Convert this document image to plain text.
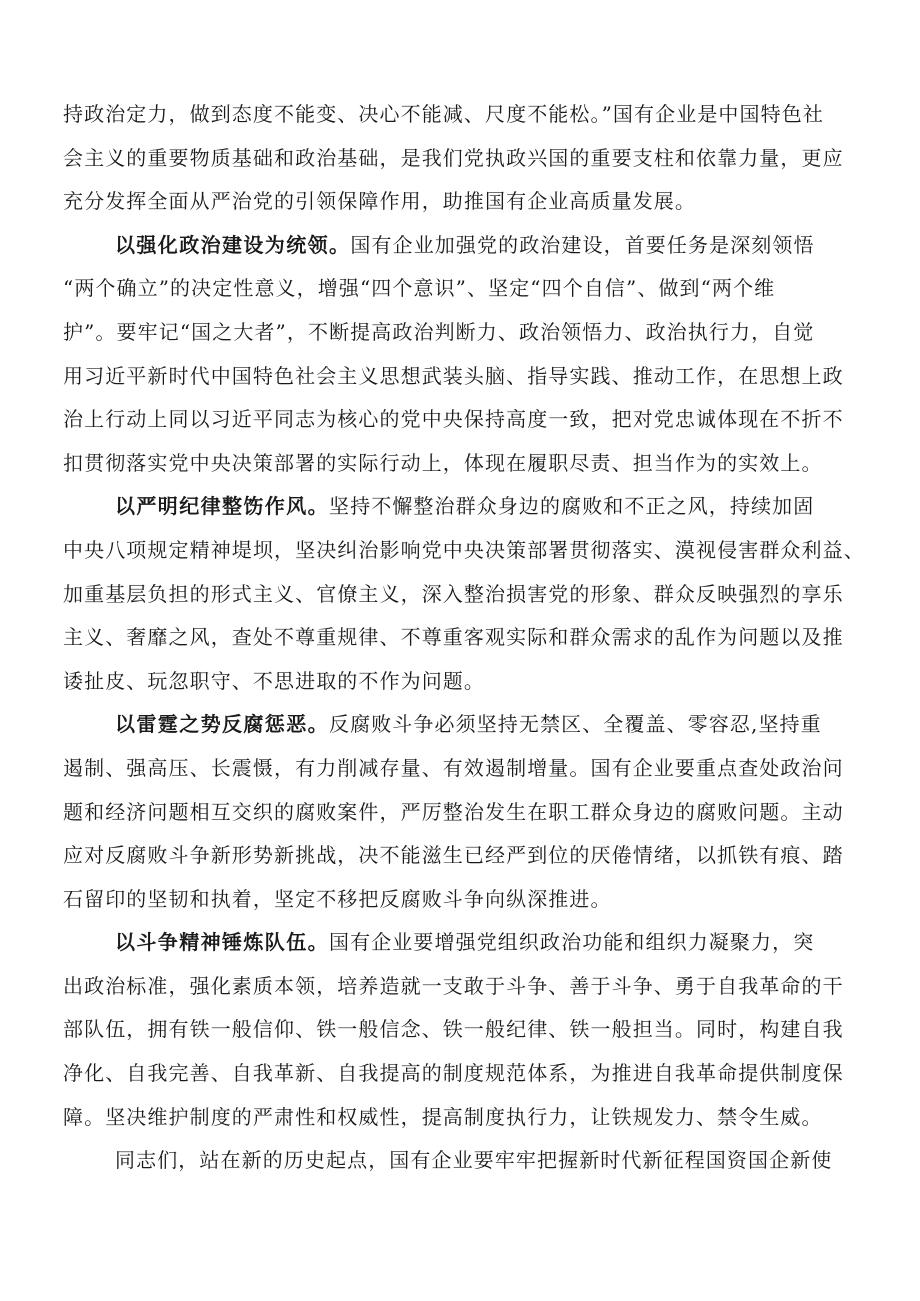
持政治定力，做到态度不能变、决心不能减、尺度不能松。”国有企业是中国特色社
会主义的重要物质基础和政治基础，是我们党执政兴国的重要支柱和依靠力量，更应
充分发挥全面从严治党的引领保障作用，助推国有企业高质量发展。
以强化政治建设为统领。国有企业加强党的政治建设，首要任务是深刻领悟
“两个确立”的决定性意义，增强“四个意识”、坚定“四个自信”、做到“两个维
护”。要牢记“国之大者”，不断提高政治判断力、政治领悟力、政治执行力，自觉
用习近平新时代中国特色社会主义思想武装头脑、指导实践、推动工作，在思想上政
治上行动上同以习近平同志为核心的党中央保持高度一致，把对党忠诚体现在不折不
扣贯彻落实党中央决策部署的实际行动上，体现在履职尽责、担当作为的实效上。
以严明纪律整饬作风。坚持不懈整治群众身边的腐败和不正之风，持续加固
中央八项规定精神堤坝，坚决纠治影响党中央决策部署贯彻落实、漠视侵害群众利益、
加重基层负担的形式主义、官僚主义，深入整治损害党的形象、群众反映强烈的享乐
主义、奢靡之风，查处不尊重规律、不尊重客观实际和群众需求的乱作为问题以及推
诿扯皮、玩忽职守、不思进取的不作为问题。
以雷霆之势反腐惩恶。反腐败斗争必须坚持无禁区、全覆盖、零容忍,坚持重
遏制、强高压、长震慑，有力削减存量、有效遏制增量。国有企业要重点查处政治问
题和经济问题相互交织的腐败案件，严厉整治发生在职工群众身边的腐败问题。主动
应对反腐败斗争新形势新挑战，决不能滋生已经严到位的厌倦情绪，以抓铁有痕、踏
石留印的坚韧和执着，坚定不移把反腐败斗争向纵深推进。
以斗争精神锤炼队伍。国有企业要增强党组织政治功能和组织力凝聚力，突
出政治标准，强化素质本领，培养造就一支敢于斗争、善于斗争、勇于自我革命的干
部队伍，拥有铁一般信仰、铁一般信念、铁一般纪律、铁一般担当。同时，构建自我
净化、自我完善、自我革新、自我提高的制度规范体系，为推进自我革命提供制度保
障。坚决维护制度的严肃性和权威性，提高制度执行力，让铁规发力、禁令生威。
同志们，站在新的历史起点，国有企业要牢牢把握新时代新征程国资国企新使
